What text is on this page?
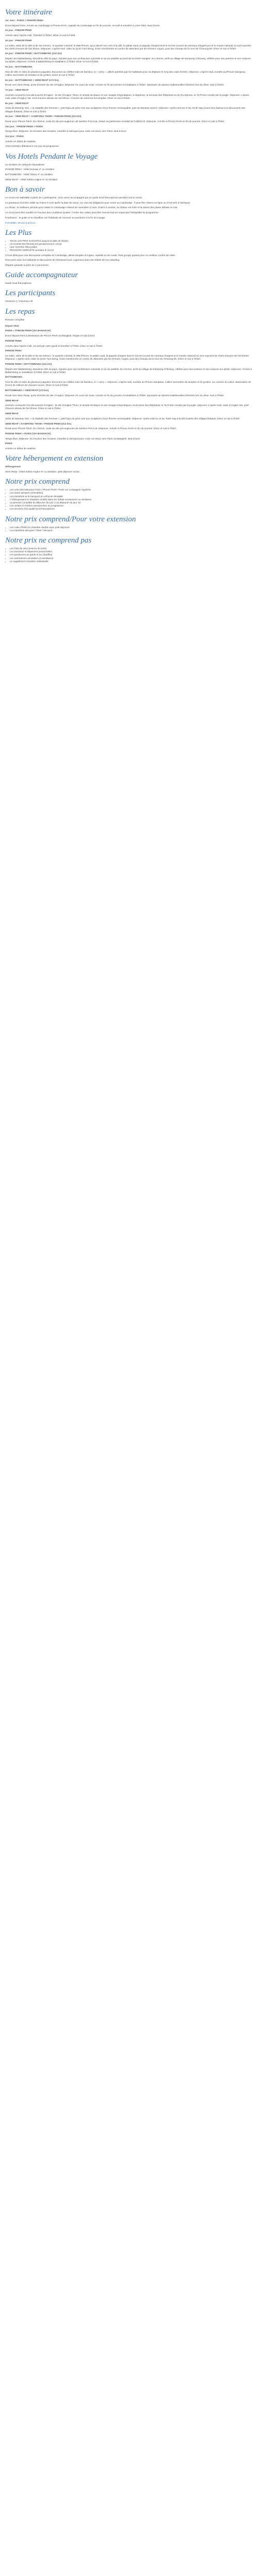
Votre itinéraire

1er Jour : PARIS > PHNOM PENH

Envol depuis Paris. Arrivée au Cambodge à Phnom Penh, capitale du Cambodge en fin de journée. Accueil et transfert à votre hôtel. Nuit à bord.

2e jour : PHNOM PENH

Arrivée dans l'après-midi. Transfert à l'hôtel. Dîner et nuit à l'hôtel.

3e jour : PHNOM PENH

Le matin, visite de la ville et de ses trésors : le quartier colonial, le Wat Phnom, qui a donné son nom à la ville, le palais royal, la pagode d'argent dont le sol est couvert de carreaux d'argent pur et le musée national où sont exposés les chefs-d'œuvre de l'art khmer. Déjeuner. L'après-midi, visite du lycée Tuol Sleng, école transformée en centre de détention par les Khmers rouges, puis des champs de la mort de Choeung Ek. Dîner et nuit à l'hôtel.

4e jour : PHNOM PENH > BATTAMBANG (241 km)

Départ vers Battambang, deuxième ville du pays, réputée pour son architecture coloniale et sa vie paisible au bord de la rivière Sangker. En chemin, arrêt au village de Kampong Chhnang, célèbre pour ses poteries et ses maisons sur pilotis. Déjeuner. Arrivée à Battambang et installation à l'hôtel. Dîner et nuit à l'hôtel.

5e jour : BATTAMBANG

Tour de ville et visite de plusieurs pagodes. Excursion au célèbre train de bambou, le « norry », utilisé autrefois par les habitants pour se déplacer le long des voies ferrées. Déjeuner. L'après-midi, montée au Phnom Sampeau, colline surmontée de temples et de grottes. Dîner et nuit à l'hôtel.

6e jour : BATTAMBANG > SIEM REAP (170 km)

Route vers Siem Reap, porte d'entrée du site d'Angkor. Déjeuner en cours de route. Arrivée en fin de journée et installation à l'hôtel. Spectacle de danses traditionnelles khmères lors du dîner. Nuit à l'hôtel.

7e jour : SIEM REAP

Journée consacrée à la découverte d'Angkor : la cité d'Angkor Thom, le temple du Bayon et ses visages énigmatiques, le Baphuon, la terrasse des Éléphants et du Roi lépreux, le Ta Prohm envahi par la jungle. Déjeuner. L'après-midi, visite d'Angkor Vat, chef-d'œuvre absolu de l'art khmer. Coucher de soleil sur les temples. Dîner et nuit à l'hôtel.

8e jour : SIEM REAP

Visite de Banteay Srei, « la citadelle des femmes », petit bijou de grès rose aux sculptures d'une finesse remarquable, puis de Banteay Samré. Déjeuner. Après-midi sur le lac Tonlé Sap à bord d'un bateau à la découverte des villages flottants. Dîner et nuit à l'hôtel.

9e jour : SIEM REAP > KAMPONG THOM > PHNOM PENH (313 km)

Route pour Phnom Penh. En chemin, visite du site pré-angkorien de Sambor Prei Kuk, classé au patrimoine mondial de l'UNESCO. Déjeuner. Arrivée à Phnom Penh en fin de journée. Dîner et nuit à l'hôtel.

10e jour : PHNOM PENH > PARIS

Temps libre. Déjeuner. En fonction des horaires, transfert à l'aéroport pour votre vol retour vers Paris. Nuit à bord.

11e jour : PARIS

Arrivée en début de matinée.

Votre itinéraire débutera le 1er jour du programme.

Vos Hotels Pendant le Voyage

ou similaire de catégorie équivalente

PHNOM PENH : Hôtel Sunway 4* ou similaire

BATTAMBANG : Hôtel Classy 4* ou similaire

SIEM REAP : Hôtel Sokha Angkor 5* ou similaire

Bon à savoir

Le circuit est réalisable à partir de 2 participants. Vous serez accompagné par un guide local francophone pendant tout le circuit.

Le passeport doit être valide au moins 6 mois après la date de retour. Un visa est obligatoire pour entrer au Cambodge : il peut être obtenu en ligne ou à l'arrivée à l'aéroport.

Le climat : la meilleure période pour visiter le Cambodge s'étend de novembre à mars. D'avril à octobre, la chaleur est forte et la saison des pluies débute en mai.

Le circuit peut être modifié en fonction des conditions locales ; l'ordre des visites peut être inversé tout en respectant l'intégralité du programme.

Pourboires : le guide et le chauffeur ont l'habitude de recevoir un pourboire à la fin du voyage.

Formalités, tenues à prévoir…

Les Plus
• TOUS LES PRIX GARANTIS jusqu'à la date de départ
• LE GUIDE EN FRANÇAIS pendant tout le circuit
• LES VISITES INCLUSES
• PENSION COMPLÈTE pendant le circuit

Circuit idéal pour une découverte complète du Cambodge, alliant temples d'Angkor, capitale et vie rurale. Petit groupe garanti pour un meilleur confort de visite.

Rencontre avec les habitants et découverte de l'artisanat local. Logement dans des hôtels de bon standing.

Départs garantis à partir de 2 personnes.

Guide accompagnateur

Guide local francophone

Les participants

minimum 2 / maximum 20

Les repas

Pension complète

Départ 2019

PARIS > PHNOM PENH (VIA BANGKOK)

Envol depuis Paris à destination de Phnom Penh via Bangkok. Repas et nuit à bord.

PHNOM PENH

Arrivée dans l'après-midi. Accueil par votre guide et transfert à l'hôtel. Dîner et nuit à l'hôtel.

PHNOM PENH

Le matin, visite de la ville et de ses trésors : le quartier colonial, le Wat Phnom, le palais royal, la pagode d'argent dont le sol est couvert de carreaux d'argent et le musée national où sont exposés les chefs-d'œuvre de l'art khmer. Déjeuner. L'après-midi, visite du lycée Tuol Sleng, école transformée en centre de détention par les Khmers rouges, puis des champs de la mort de Choeung Ek. Dîner et nuit à l'hôtel.

PHNOM PENH > BATTAMBANG (241 km)

Départ vers Battambang, deuxième ville du pays, réputée pour son architecture coloniale et sa vie paisible. En chemin, arrêt au village de Kampong Chhnang, célèbre pour ses poteries et ses maisons sur pilotis. Déjeuner. Arrivée à Battambang et installation à l'hôtel. Dîner et nuit à l'hôtel.

BATTAMBANG

Tour de ville et visite de plusieurs pagodes. Excursion au célèbre train de bambou, le « norry ». Déjeuner. L'après-midi, montée au Phnom Sampeau, colline surmontée de temples et de grottes. Au coucher du soleil, observation de l'envol de millions de chauves-souris. Dîner et nuit à l'hôtel.

BATTAMBANG > SIEM REAP (170 km)

Route vers Siem Reap, porte d'entrée du site d'Angkor. Déjeuner en cours de route. Arrivée en fin de journée et installation à l'hôtel. Spectacle de danses traditionnelles khmères lors du dîner. Nuit à l'hôtel.

SIEM REAP

Journée consacrée à la découverte d'Angkor : la cité d'Angkor Thom, le temple du Bayon et ses visages énigmatiques, la terrasse des Éléphants, le Ta Prohm envahi par la jungle. Déjeuner. L'après-midi, visite d'Angkor Vat, chef-d'œuvre absolu de l'art khmer. Dîner et nuit à l'hôtel.

SIEM REAP

Visite de Banteay Srei, « la citadelle des femmes », petit bijou de grès rose aux sculptures d'une finesse remarquable. Déjeuner. Après-midi sur le lac Tonlé Sap à la découverte des villages flottants. Dîner et nuit à l'hôtel.

SIEM REAP > KAMPONG THOM > PHNOM PENH (313 km)

Route pour Phnom Penh. En chemin, visite du site pré-angkorien de Sambor Prei Kuk. Déjeuner. Arrivée à Phnom Penh en fin de journée. Dîner et nuit à l'hôtel.

PHNOM PENH > PARIS (VIA BANGKOK)

Temps libre. Déjeuner. En fonction des horaires, transfert à l'aéroport pour votre vol retour vers Paris via Bangkok. Nuit à bord.

PARIS

Arrivée en début de matinée.

Votre hébergement en extension

Hébergement

Siem Reap : Hôtel Sokha Angkor 5* ou similaire, petit déjeuner inclus.

Notre prix comprend
• Les vols internationaux Paris / Phnom Penh / Paris sur compagnie régulière
• Les taxes aéroport (révisables)
• Les transferts et le transport en véhicule climatisé
• L'hébergement en chambre double dans les hôtels mentionnés ou similaires
• La pension complète du déjeuner du jour 2 au déjeuner du jour 10
• Les visites et entrées mentionnées au programme
• Les services d'un guide local francophone
Notre prix comprend/Pour votre extension
• Les nuits d'hôtel en chambre double avec petit déjeuner
• Les transferts aéroport / hôtel / aéroport
Notre prix ne comprend pas
• Les frais de visa (environ 30 USD)
• Les boissons et dépenses personnelles
• Les pourboires au guide et au chauffeur
• Les assurances annulation et assistance
• Le supplément chambre individuelle
